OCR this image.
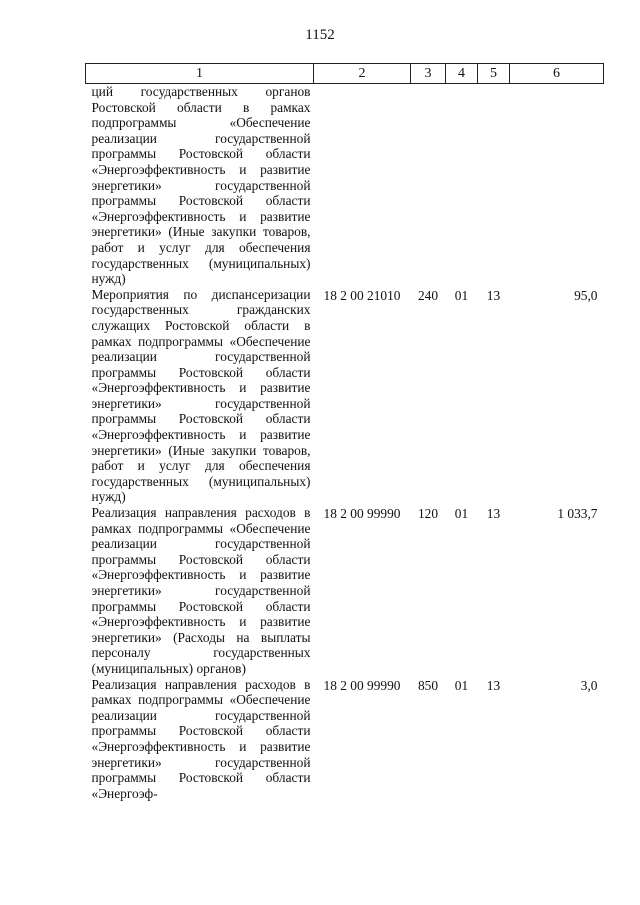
1152
1	2	3	4	5	6
ций государственных органов Ростовской области в рамках подпрограммы «Обеспечение реализации государственной программы Ростовской области «Энергоэффективность и развитие энергетики» государственной программы Ростовской области «Энергоэффективность и развитие энергетики» (Иные закупки товаров, работ и услуг для обеспечения государственных (муниципальных) нужд)					
Мероприятия по диспансеризации государственных гражданских служащих Ростовской области в рамках подпрограммы «Обеспечение реализации государственной программы Ростовской области «Энергоэффективность и развитие энергетики» государственной программы Ростовской области «Энергоэффективность и развитие энергетики» (Иные закупки товаров, работ и услуг для обеспечения государственных (муниципальных) нужд)	18 2 00 21010	240	01	13	95,0
Реализация направления расходов в рамках подпрограммы «Обеспечение реализации государственной программы Ростовской области «Энергоэффективность и развитие энергетики» государственной программы Ростовской области «Энергоэффективность и развитие энергетики» (Расходы на выплаты персоналу государственных (муниципальных) органов)	18 2 00 99990	120	01	13	1 033,7
Реализация направления расходов в рамках подпрограммы «Обеспечение реализации государственной программы Ростовской области «Энергоэффективность и развитие энергетики» государственной программы Ростовской области «Энергоэф-	18 2 00 99990	850	01	13	3,0
